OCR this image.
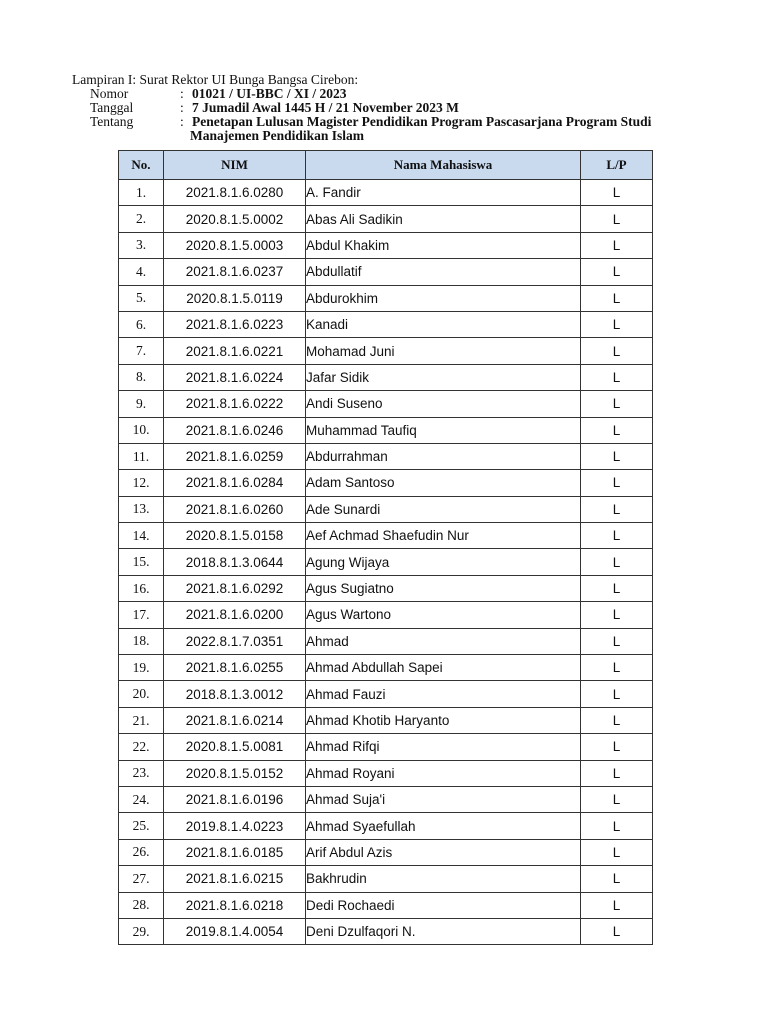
Lampiran I: Surat Rektor UI Bunga Bangsa Cirebon:
Nomor	: 01021 / UI-BBC / XI / 2023
Tanggal	: 7 Jumadil Awal 1445 H / 21 November 2023 M
Tentang	: Penetapan Lulusan Magister Pendidikan Program Pascasarjana Program Studi
Manajemen Pendidikan Islam
No.	NIM	Nama Mahasiswa	L/P
1.	2021.8.1.6.0280	A. Fandir	L
2.	2020.8.1.5.0002	Abas Ali Sadikin	L
3.	2020.8.1.5.0003	Abdul Khakim	L
4.	2021.8.1.6.0237	Abdullatif	L
5.	2020.8.1.5.0119	Abdurokhim	L
6.	2021.8.1.6.0223	Kanadi	L
7.	2021.8.1.6.0221	Mohamad Juni	L
8.	2021.8.1.6.0224	Jafar Sidik	L
9.	2021.8.1.6.0222	Andi Suseno	L
10.	2021.8.1.6.0246	Muhammad Taufiq	L
11.	2021.8.1.6.0259	Abdurrahman	L
12.	2021.8.1.6.0284	Adam Santoso	L
13.	2021.8.1.6.0260	Ade Sunardi	L
14.	2020.8.1.5.0158	Aef Achmad Shaefudin Nur	L
15.	2018.8.1.3.0644	Agung Wijaya	L
16.	2021.8.1.6.0292	Agus Sugiatno	L
17.	2021.8.1.6.0200	Agus Wartono	L
18.	2022.8.1.7.0351	Ahmad	L
19.	2021.8.1.6.0255	Ahmad Abdullah Sapei	L
20.	2018.8.1.3.0012	Ahmad Fauzi	L
21.	2021.8.1.6.0214	Ahmad Khotib Haryanto	L
22.	2020.8.1.5.0081	Ahmad Rifqi	L
23.	2020.8.1.5.0152	Ahmad Royani	L
24.	2021.8.1.6.0196	Ahmad Suja'i	L
25.	2019.8.1.4.0223	Ahmad Syaefullah	L
26.	2021.8.1.6.0185	Arif Abdul Azis	L
27.	2021.8.1.6.0215	Bakhrudin	L
28.	2021.8.1.6.0218	Dedi Rochaedi	L
29.	2019.8.1.4.0054	Deni Dzulfaqori N.	L
